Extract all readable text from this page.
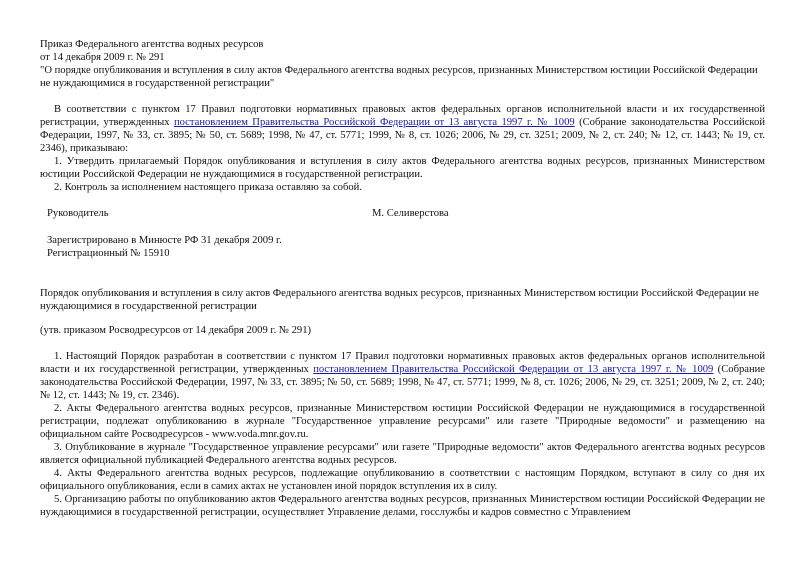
Приказ Федерального агентства водных ресурсов

от 14 декабря 2009 г. № 291

"О порядке опубликования и вступления в силу актов Федерального агентства водных ресурсов, признанных Министерством юстиции Российской Федерации не нуждающимися в государственной регистрации"

В соответствии с пунктом 17 Правил подготовки нормативных правовых актов федеральных органов исполнительной власти и их государственной регистрации, утвержденных постановлением Правительства Российской Федерации от 13 августа 1997 г. № 1009 (Собрание законодательства Российской Федерации, 1997, № 33, ст. 3895; № 50, ст. 5689; 1998, № 47, ст. 5771; 1999, № 8, ст. 1026; 2006, № 29, ст. 3251; 2009, № 2, ст. 240; № 12, ст. 1443; № 19, ст. 2346), приказываю:

1. Утвердить прилагаемый Порядок опубликования и вступления в силу актов Федерального агентства водных ресурсов, признанных Министерством юстиции Российской Федерации не нуждающимися в государственной регистрации.

2. Контроль за исполнением настоящего приказа оставляю за собой.

Руководитель	М. Селиверстова

Зарегистрировано в Минюсте РФ 31 декабря 2009 г.

Регистрационный № 15910

Порядок опубликования и вступления в силу актов Федерального агентства водных ресурсов, признанных Министерством юстиции Российской Федерации не нуждающимися в государственной регистрации
(утв. приказом Росводресурсов от 14 декабря 2009 г. № 291)

1. Настоящий Порядок разработан в соответствии с пунктом 17 Правил подготовки нормативных правовых актов федеральных органов исполнительной власти и их государственной регистрации, утвержденных постановлением Правительства Российской Федерации от 13 августа 1997 г. № 1009 (Собрание законодательства Российской Федерации, 1997, № 33, ст. 3895; № 50, ст. 5689; 1998, № 47, ст. 5771; 1999, № 8, ст. 1026; 2006, № 29, ст. 3251; 2009, № 2, ст. 240; № 12, ст. 1443; № 19, ст. 2346).

2. Акты Федерального агентства водных ресурсов, признанные Министерством юстиции Российской Федерации не нуждающимися в государственной регистрации, подлежат опубликованию в журнале "Государственное управление ресурсами" или газете "Природные ведомости" и размещению на официальном сайте Росводресурсов - www.voda.mnr.gov.ru.

3. Опубликование в журнале "Государственное управление ресурсами" или газете "Природные ведомости" актов Федерального агентства водных ресурсов является официальной публикацией Федерального агентства водных ресурсов.

4. Акты Федерального агентства водных ресурсов, подлежащие опубликованию в соответствии с настоящим Порядком, вступают в силу со дня их официального опубликования, если в самих актах не установлен иной порядок вступления их в силу.

5. Организацию работы по опубликованию актов Федерального агентства водных ресурсов, признанных Министерством юстиции Российской Федерации не нуждающимися в государственной регистрации, осуществляет Управление делами, госслужбы и кадров совместно с Управлением
